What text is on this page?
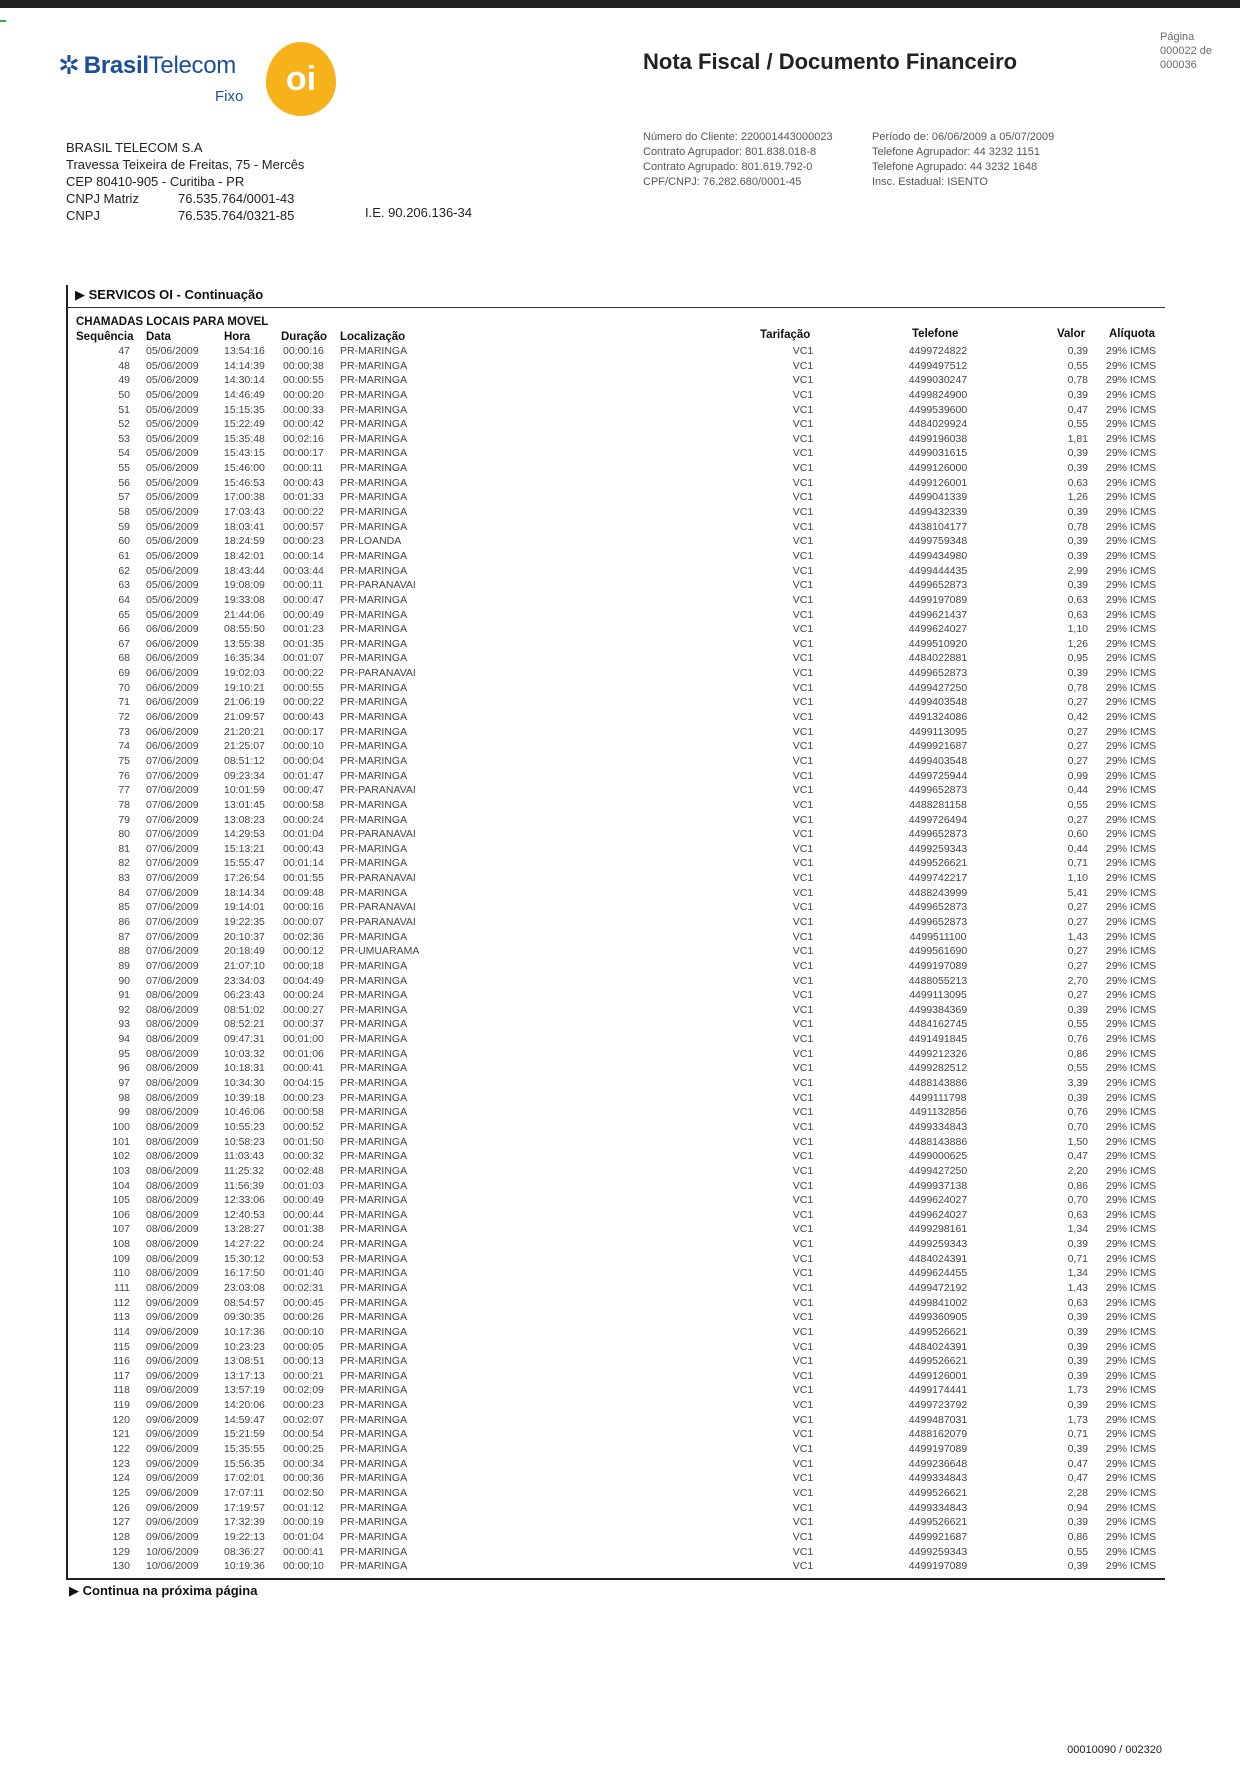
Página
000022 de
000036
✲ BrasilTelecom
Fixo	oi	Nota Fiscal / Documento Financeiro
BRASIL TELECOM S.A
Travessa Teixeira de Freitas, 75 - Mercês
CEP 80410-905 - Curitiba - PR
CNPJ Matriz	76.535.764/0001-43
CNPJ	76.535.764/0321-85	I.E. 90.206.136-34
Número do Cliente: 220001443000023
Contrato Agrupador: 801.838.018-8
Contrato Agrupado: 801.619.792-0
CPF/CNPJ: 76.282.680/0001-45
Período de: 06/06/2009 a 05/07/2009
Telefone Agrupador: 44 3232 1151
Telefone Agrupado: 44 3232 1648
Insc. Estadual: ISENTO
▶ SERVICOS OI - Continuação
CHAMADAS LOCAIS PARA MOVEL
Sequência Data	Hora	Duração Localização	Tarifação	Telefone	Valor Alíquota
47 05/06/2009 13:54:16 00:00:16 PR-MARINGA	VC1	4499724822	0,39 29% ICMS
48 05/06/2009 14:14:39 00:00:38 PR-MARINGA	VC1	4499497512	0,55 29% ICMS
49 05/06/2009 14:30:14 00:00:55 PR-MARINGA	VC1	4499030247	0,78 29% ICMS
50 05/06/2009 14:46:49 00:00:20 PR-MARINGA	VC1	4499824900	0,39 29% ICMS
51 05/06/2009 15:15:35 00:00:33 PR-MARINGA	VC1	4499539600	0,47 29% ICMS
52 05/06/2009 15:22:49 00:00:42 PR-MARINGA	VC1	4484029924	0,55 29% ICMS
53 05/06/2009 15:35:48 00:02:16 PR-MARINGA	VC1	4499196038	1,81 29% ICMS
54 05/06/2009 15:43:15 00:00:17 PR-MARINGA	VC1	4499031615	0,39 29% ICMS
55 05/06/2009 15:46:00 00:00:11 PR-MARINGA	VC1	4499126000	0,39 29% ICMS
56 05/06/2009 15:46:53 00:00:43 PR-MARINGA	VC1	4499126001	0,63 29% ICMS
57 05/06/2009 17:00:38 00:01:33 PR-MARINGA	VC1	4499041339	1,26 29% ICMS
58 05/06/2009 17:03:43 00:00:22 PR-MARINGA	VC1	4499432339	0,39 29% ICMS
59 05/06/2009 18:03:41 00:00:57 PR-MARINGA	VC1	4438104177	0,78 29% ICMS
60 05/06/2009 18:24:59 00:00:23 PR-LOANDA	VC1	4499759348	0,39 29% ICMS
61 05/06/2009 18:42:01 00:00:14 PR-MARINGA	VC1	4499434980	0,39 29% ICMS
62 05/06/2009 18:43:44 00:03:44 PR-MARINGA	VC1	4499444435	2,99 29% ICMS
63 05/06/2009 19:08:09 00:00:11 PR-PARANAVAI	VC1	4499652873	0,39 29% ICMS
64 05/06/2009 19:33:08 00:00:47 PR-MARINGA	VC1	4499197089	0,63 29% ICMS
65 05/06/2009 21:44:06 00:00:49 PR-MARINGA	VC1	4499621437	0,63 29% ICMS
66 06/06/2009 08:55:50 00:01:23 PR-MARINGA	VC1	4499624027	1,10 29% ICMS
67 06/06/2009 13:55:38 00:01:35 PR-MARINGA	VC1	4499510920	1,26 29% ICMS
68 06/06/2009 16:35:34 00:01:07 PR-MARINGA	VC1	4484022881	0,95 29% ICMS
69 06/06/2009 19:02:03 00:00:22 PR-PARANAVAI	VC1	4499652873	0,39 29% ICMS
70 06/06/2009 19:10:21 00:00:55 PR-MARINGA	VC1	4499427250	0,78 29% ICMS
71 06/06/2009 21:06:19 00:00:22 PR-MARINGA	VC1	4499403548	0,27 29% ICMS
72 06/06/2009 21:09:57 00:00:43 PR-MARINGA	VC1	4491324086	0,42 29% ICMS
73 06/06/2009 21:20:21 00:00:17 PR-MARINGA	VC1	4499113095	0,27 29% ICMS
74 06/06/2009 21:25:07 00:00:10 PR-MARINGA	VC1	4499921687	0,27 29% ICMS
75 07/06/2009 08:51:12 00:00:04 PR-MARINGA	VC1	4499403548	0,27 29% ICMS
76 07/06/2009 09:23:34 00:01:47 PR-MARINGA	VC1	4499725944	0,99 29% ICMS
77 07/06/2009 10:01:59 00:00:47 PR-PARANAVAI	VC1	4499652873	0,44 29% ICMS
78 07/06/2009 13:01:45 00:00:58 PR-MARINGA	VC1	4488281158	0,55 29% ICMS
79 07/06/2009 13:08:23 00:00:24 PR-MARINGA	VC1	4499726494	0,27 29% ICMS
80 07/06/2009 14:29:53 00:01:04 PR-PARANAVAI	VC1	4499652873	0,60 29% ICMS
81 07/06/2009 15:13:21 00:00:43 PR-MARINGA	VC1	4499259343	0,44 29% ICMS
82 07/06/2009 15:55:47 00:01:14 PR-MARINGA	VC1	4499526621	0,71 29% ICMS
83 07/06/2009 17:26:54 00:01:55 PR-PARANAVAI	VC1	4499742217	1,10 29% ICMS
84 07/06/2009 18:14:34 00:09:48 PR-MARINGA	VC1	4488243999	5,41 29% ICMS
85 07/06/2009 19:14:01 00:00:16 PR-PARANAVAI	VC1	4499652873	0,27 29% ICMS
86 07/06/2009 19:22:35 00:00:07 PR-PARANAVAI	VC1	4499652873	0,27 29% ICMS
87 07/06/2009 20:10:37 00:02:36 PR-MARINGA	VC1	4499511100	1,43 29% ICMS
88 07/06/2009 20:18:49 00:00:12 PR-UMUARAMA	VC1	4499561690	0,27 29% ICMS
89 07/06/2009 21:07:10 00:00:18 PR-MARINGA	VC1	4499197089	0,27 29% ICMS
90 07/06/2009 23:34:03 00:04:49 PR-MARINGA	VC1	4488055213	2,70 29% ICMS
91 08/06/2009 06:23:43 00:00:24 PR-MARINGA	VC1	4499113095	0,27 29% ICMS
92 08/06/2009 08:51:02 00:00:27 PR-MARINGA	VC1	4499384369	0,39 29% ICMS
93 08/06/2009 08:52:21 00:00:37 PR-MARINGA	VC1	4484162745	0,55 29% ICMS
94 08/06/2009 09:47:31 00:01:00 PR-MARINGA	VC1	4491491845	0,76 29% ICMS
95 08/06/2009 10:03:32 00:01:06 PR-MARINGA	VC1	4499212326	0,86 29% ICMS
96 08/06/2009 10:18:31 00:00:41 PR-MARINGA	VC1	4499282512	0,55 29% ICMS
97 08/06/2009 10:34:30 00:04:15 PR-MARINGA	VC1	4488143886	3,39 29% ICMS
98 08/06/2009 10:39:18 00:00:23 PR-MARINGA	VC1	4499111798	0,39 29% ICMS
99 08/06/2009 10:46:06 00:00:58 PR-MARINGA	VC1	4491132856	0,76 29% ICMS
100 08/06/2009 10:55:23 00:00:52 PR-MARINGA	VC1	4499334843	0,70 29% ICMS
101 08/06/2009 10:58:23 00:01:50 PR-MARINGA	VC1	4488143886	1,50 29% ICMS
102 08/06/2009 11:03:43 00:00:32 PR-MARINGA	VC1	4499000625	0,47 29% ICMS
103 08/06/2009 11:25:32 00:02:48 PR-MARINGA	VC1	4499427250	2,20 29% ICMS
104 08/06/2009 11:56:39 00:01:03 PR-MARINGA	VC1	4499937138	0,86 29% ICMS
105 08/06/2009 12:33:06 00:00:49 PR-MARINGA	VC1	4499624027	0,70 29% ICMS
106 08/06/2009 12:40:53 00:00:44 PR-MARINGA	VC1	4499624027	0,63 29% ICMS
107 08/06/2009 13:28:27 00:01:38 PR-MARINGA	VC1	4499298161	1,34 29% ICMS
108 08/06/2009 14:27:22 00:00:24 PR-MARINGA	VC1	4499259343	0,39 29% ICMS
109 08/06/2009 15:30:12 00:00:53 PR-MARINGA	VC1	4484024391	0,71 29% ICMS
110 08/06/2009 16:17:50 00:01:40 PR-MARINGA	VC1	4499624455	1,34 29% ICMS
111 08/06/2009 23:03:08 00:02:31 PR-MARINGA	VC1	4499472192	1,43 29% ICMS
112 09/06/2009 08:54:57 00:00:45 PR-MARINGA	VC1	4499841002	0,63 29% ICMS
113 09/06/2009 09:30:35 00:00:26 PR-MARINGA	VC1	4499360905	0,39 29% ICMS
114 09/06/2009 10:17:36 00:00:10 PR-MARINGA	VC1	4499526621	0,39 29% ICMS
115 09/06/2009 10:23:23 00:00:05 PR-MARINGA	VC1	4484024391	0,39 29% ICMS
116 09/06/2009 13:08:51 00:00:13 PR-MARINGA	VC1	4499526621	0,39 29% ICMS
117 09/06/2009 13:17:13 00:00:21 PR-MARINGA	VC1	4499126001	0,39 29% ICMS
118 09/06/2009 13:57:19 00:02:09 PR-MARINGA	VC1	4499174441	1,73 29% ICMS
119 09/06/2009 14:20:06 00:00:23 PR-MARINGA	VC1	4499723792	0,39 29% ICMS
120 09/06/2009 14:59:47 00:02:07 PR-MARINGA	VC1	4499487031	1,73 29% ICMS
121 09/06/2009 15:21:59 00:00:54 PR-MARINGA	VC1	4488162079	0,71 29% ICMS
122 09/06/2009 15:35:55 00:00:25 PR-MARINGA	VC1	4499197089	0,39 29% ICMS
123 09/06/2009 15:56:35 00:00:34 PR-MARINGA	VC1	4499236648	0,47 29% ICMS
124 09/06/2009 17:02:01 00:00:36 PR-MARINGA	VC1	4499334843	0,47 29% ICMS
125 09/06/2009 17:07:11 00:02:50 PR-MARINGA	VC1	4499526621	2,28 29% ICMS
126 09/06/2009 17:19:57 00:01:12 PR-MARINGA	VC1	4499334843	0,94 29% ICMS
127 09/06/2009 17:32:39 00:00:19 PR-MARINGA	VC1	4499526621	0,39 29% ICMS
128 09/06/2009 19:22:13 00:01:04 PR-MARINGA	VC1	4499921687	0,86 29% ICMS
129 10/06/2009 08:36:27 00:00:41 PR-MARINGA	VC1	4499259343	0,55 29% ICMS
130 10/06/2009 10:19:36 00:00:10 PR-MARINGA	VC1	4499197089	0,39 29% ICMS
▶ Continua na próxima página
00010090 / 002320
